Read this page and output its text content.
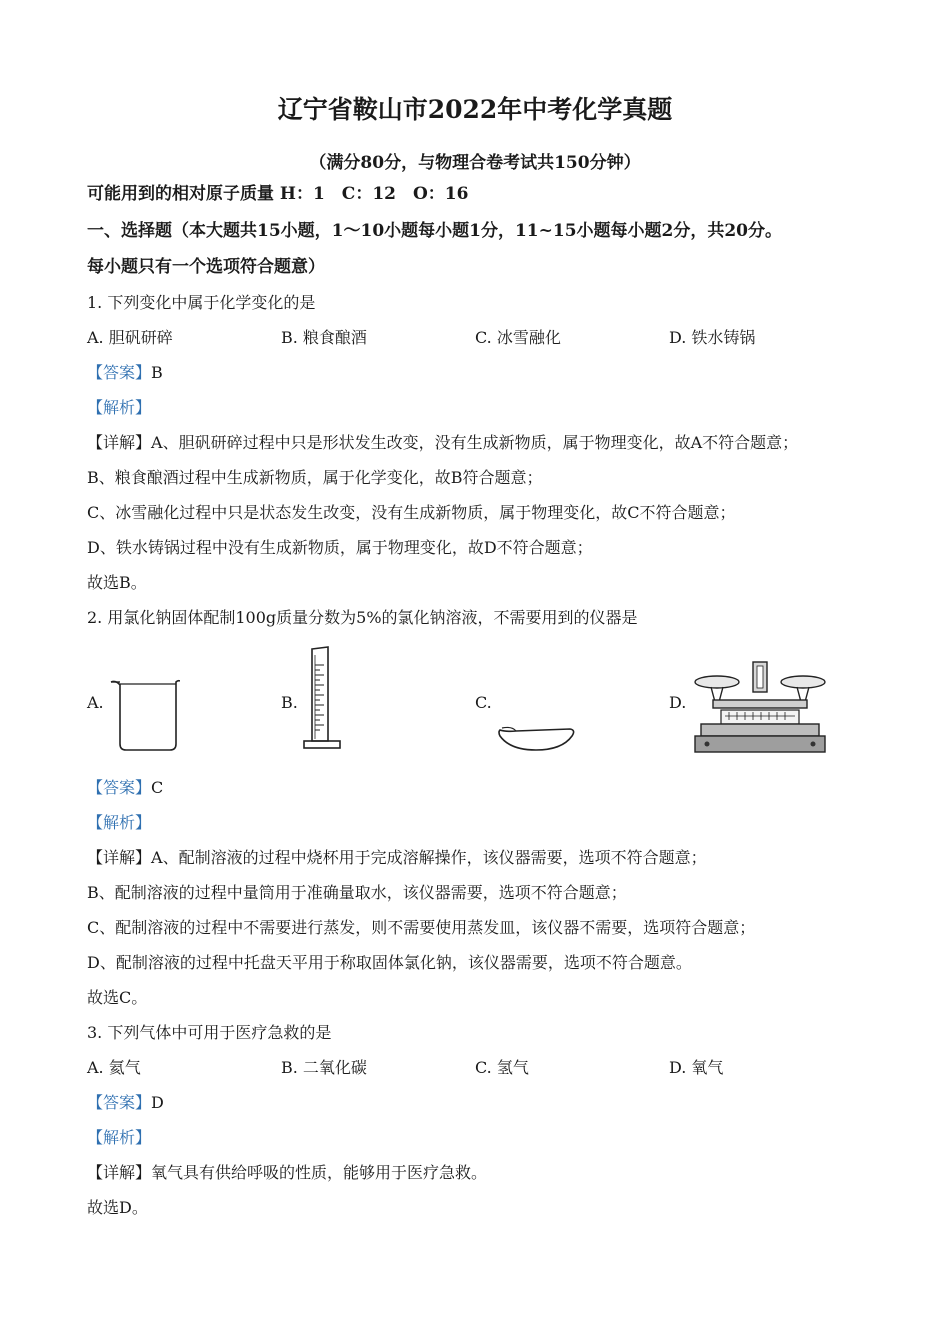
辽宁省鞍山市2022年中考化学真题
（满分80分，与物理合卷考试共150分钟）
可能用到的相对原子质量 H：1　C：12　O：16
一、选择题（本大题共15小题，1～10小题每小题1分，11~15小题每小题2分，共20分。
每小题只有一个选项符合题意）
1. 下列变化中属于化学变化的是
A. 胆矾研碎	B. 粮食酿酒	C. 冰雪融化	D. 铁水铸锅
【答案】B
【解析】
【详解】A、胆矾研碎过程中只是形状发生改变，没有生成新物质，属于物理变化，故A不符合题意；
B、粮食酿酒过程中生成新物质，属于化学变化，故B符合题意；
C、冰雪融化过程中只是状态发生改变，没有生成新物质，属于物理变化，故C不符合题意；
D、铁水铸锅过程中没有生成新物质，属于物理变化，故D不符合题意；
故选B。
2. 用氯化钠固体配制100g质量分数为5%的氯化钠溶液，不需要用到的仪器是
A.	B.	C.	D.
【答案】C
【解析】
【详解】A、配制溶液的过程中烧杯用于完成溶解操作，该仪器需要，选项不符合题意；
B、配制溶液的过程中量筒用于准确量取水，该仪器需要，选项不符合题意；
C、配制溶液的过程中不需要进行蒸发，则不需要使用蒸发皿，该仪器不需要，选项符合题意；
D、配制溶液的过程中托盘天平用于称取固体氯化钠，该仪器需要，选项不符合题意。
故选C。
3. 下列气体中可用于医疗急救的是
A. 氦气	B. 二氧化碳	C. 氢气	D. 氧气
【答案】D
【解析】
【详解】氧气具有供给呼吸的性质，能够用于医疗急救。
故选D。
